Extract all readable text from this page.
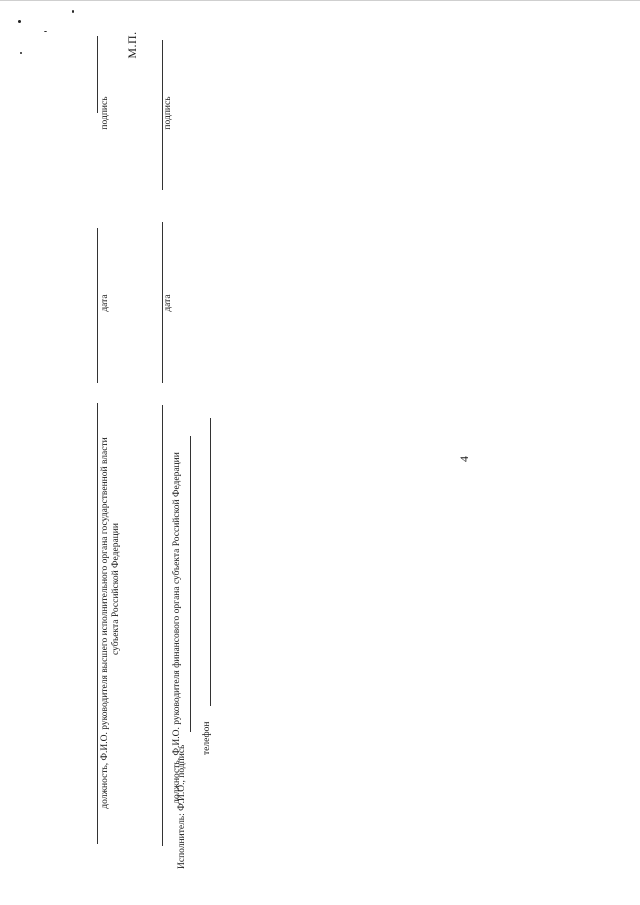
4
должность, Ф.И.О. руководителя высшего исполнительного органа государственной власти субъекта Российской Федерации
дата
подпись
М.П.
должность, Ф.И.О. руководителя финансового органа субъекта Российской Федерации
дата
подпись
Исполнитель: Ф.И.О., подпись
телефон
